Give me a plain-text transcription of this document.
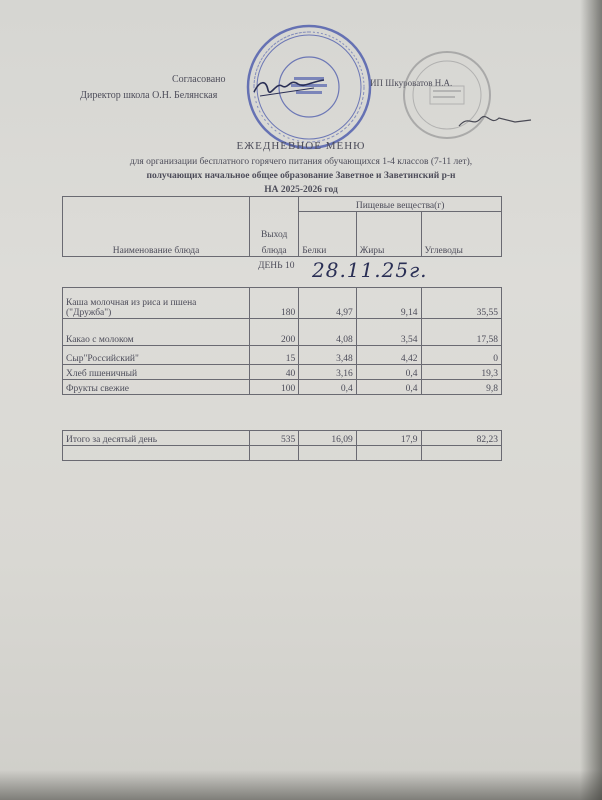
Согласовано
Директор школа О.Н. Белянская
ИП Шкуроватов Н.А.
ЕЖЕДНЕВНОЕ МЕНЮ
для организации бесплатного горячего питания обучающихся 1-4 классов (7-11 лет),
получающих начальное общее образование Заветное и Заветинский р-н
НА 2025-2026 год
Наименование блюда	Выход
блюда	Пищевые вещества(г)		
		Белки	Жиры	Углеводы
ДЕНЬ 10 28.11.25г.
Каша молочная из риса и пшена
("Дружба")	180	4,97	9,14	35,55

Какао с молоком	200	4,08	3,54	17,58

Сыр"Российский"	15	3,48	4,42	0

Хлеб пшеничный	40	3,16	0,4	19,3

Фрукты свежие	100	0,4	0,4	9,8
Итого за десятый день	535	16,09	17,9	82,23
